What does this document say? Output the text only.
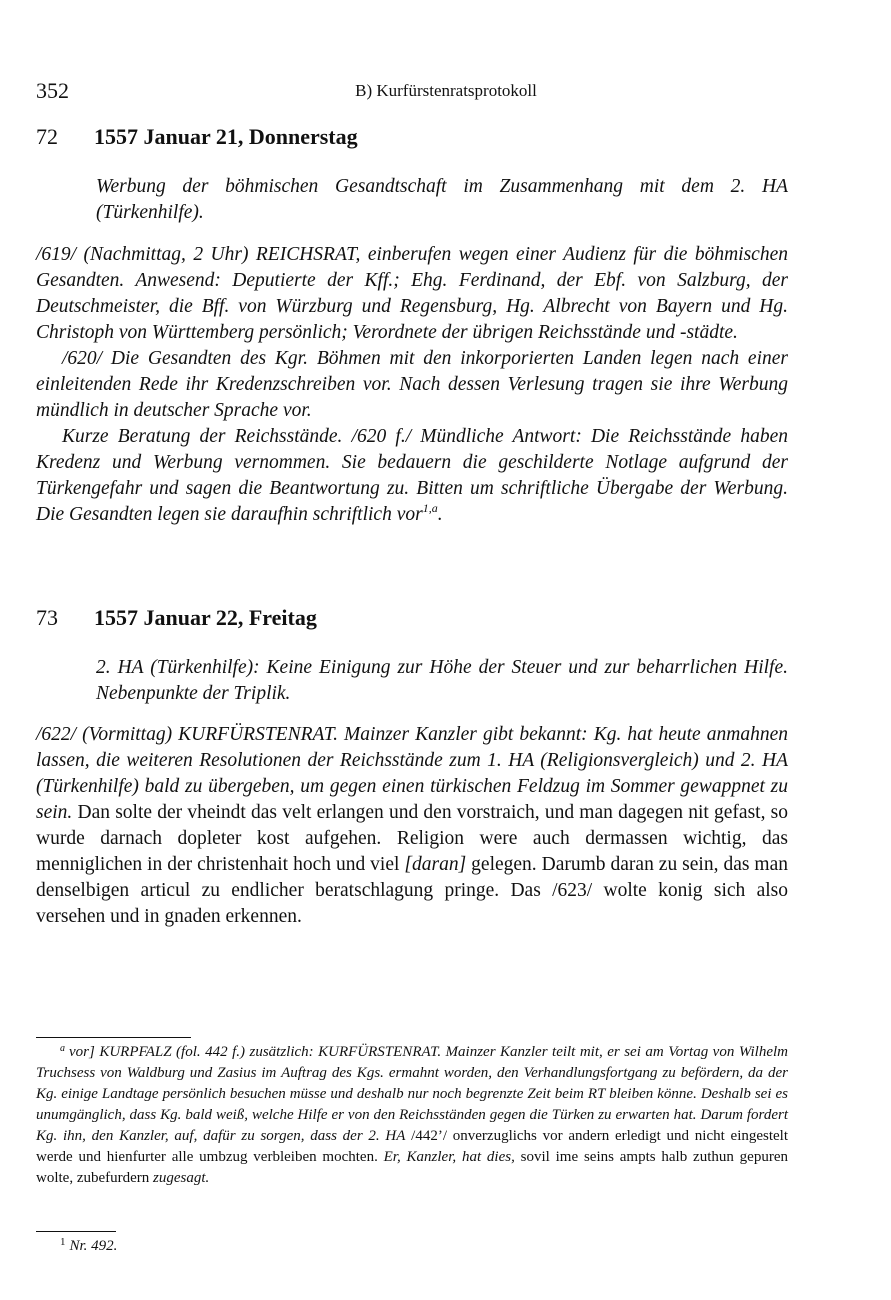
352	B) Kurfürstenratsprotokoll
72 1557 Januar 21, Donnerstag
Werbung der böhmischen Gesandtschaft im Zusammenhang mit dem 2. HA (Türkenhilfe).

/619/ (Nachmittag, 2 Uhr) REICHSRAT, einberufen wegen einer Audienz für die böhmischen Gesandten. Anwesend: Deputierte der Kff.; Ehg. Ferdinand, der Ebf. von Salzburg, der Deutschmeister, die Bff. von Würzburg und Regensburg, Hg. Albrecht von Bayern und Hg. Christoph von Württemberg persönlich; Verordnete der übrigen Reichsstände und -städte.

/620/ Die Gesandten des Kgr. Böhmen mit den inkorporierten Landen legen nach einer einleitenden Rede ihr Kredenzschreiben vor. Nach dessen Verlesung tragen sie ihre Werbung mündlich in deutscher Sprache vor.

Kurze Beratung der Reichsstände. /620 f./ Mündliche Antwort: Die Reichsstände haben Kredenz und Werbung vernommen. Sie bedauern die geschilderte Notlage aufgrund der Türkengefahr und sagen die Beantwortung zu. Bitten um schriftliche Übergabe der Werbung. Die Gesandten legen sie daraufhin schriftlich vor$^{1,a}$.

73 1557 Januar 22, Freitag
2. HA (Türkenhilfe): Keine Einigung zur Höhe der Steuer und zur beharrlichen Hilfe. Nebenpunkte der Triplik.

/622/ (Vormittag) KURFÜRSTENRAT. Mainzer Kanzler gibt bekannt: Kg. hat heute anmahnen lassen, die weiteren Resolutionen der Reichsstände zum 1. HA (Religionsvergleich) und 2. HA (Türkenhilfe) bald zu übergeben, um gegen einen türkischen Feldzug im Sommer gewappnet zu sein. Dan solte der vheindt das velt erlangen und den vorstraich, und man dagegen nit gefast, so wurde darnach dopleter kost aufgehen. Religion were auch dermassen wichtig, das menniglichen in der christenhait hoch und viel [daran] gelegen. Darumb daran zu sein, das man denselbigen articul zu endlicher beratschlagung pringe. Das /623/ wolte konig sich also versehen und in gnaden erkennen.

$^a$ vor] KURPFALZ (fol. 442 f.) zusätzlich: KURFÜRSTENRAT. Mainzer Kanzler teilt mit, er sei am Vortag von Wilhelm Truchsess von Waldburg und Zasius im Auftrag des Kgs. ermahnt worden, den Verhandlungsfortgang zu befördern, da der Kg. einige Landtage persönlich besuchen müsse und deshalb nur noch begrenzte Zeit beim RT bleiben könne. Deshalb sei es unumgänglich, dass Kg. bald weiß, welche Hilfe er von den Reichsständen gegen die Türken zu erwarten hat. Darum fordert Kg. ihn, den Kanzler, auf, dafür zu sorgen, dass der 2. HA /442’/ onverzuglichs vor andern erledigt und nicht eingestelt werde und hienfurter alle umbzug verbleiben mochten. Er, Kanzler, hat dies, sovil ime seins ampts halb zuthun gepuren wolte, zubefurdern zugesagt.

$^1$ Nr. 492.
